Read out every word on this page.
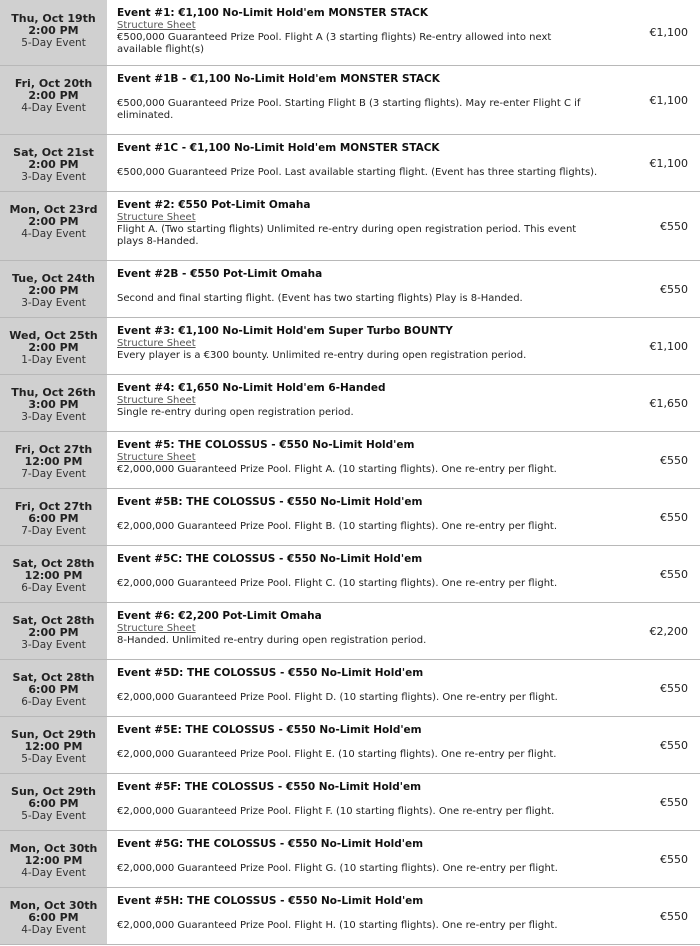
Thu, Oct 19th
2:00 PM
5-Day Event
Event #1: €1,100 No-Limit Hold'em MONSTER STACK
Structure Sheet
€500,000 Guaranteed Prize Pool. Flight A (3 starting flights) Re-entry allowed into next available flight(s)
€1,100
Fri, Oct 20th
2:00 PM
4-Day Event
Event #1B - €1,100 No-Limit Hold'em MONSTER STACK
€500,000 Guaranteed Prize Pool. Starting Flight B (3 starting flights). May re-enter Flight C if eliminated.
€1,100
Sat, Oct 21st
2:00 PM
3-Day Event
Event #1C - €1,100 No-Limit Hold'em MONSTER STACK
€500,000 Guaranteed Prize Pool. Last available starting flight. (Event has three starting flights).
€1,100
Mon, Oct 23rd
2:00 PM
4-Day Event
Event #2: €550 Pot-Limit Omaha
Structure Sheet
Flight A. (Two starting flights) Unlimited re-entry during open registration period. This event plays 8-Handed.
€550
Tue, Oct 24th
2:00 PM
3-Day Event
Event #2B - €550 Pot-Limit Omaha
Second and final starting flight. (Event has two starting flights) Play is 8-Handed.
€550
Wed, Oct 25th
2:00 PM
1-Day Event
Event #3: €1,100 No-Limit Hold'em Super Turbo BOUNTY
Structure Sheet
Every player is a €300 bounty. Unlimited re-entry during open registration period.
€1,100
Thu, Oct 26th
3:00 PM
3-Day Event
Event #4: €1,650 No-Limit Hold'em 6-Handed
Structure Sheet
Single re-entry during open registration period.
€1,650
Fri, Oct 27th
12:00 PM
7-Day Event
Event #5: THE COLOSSUS - €550 No-Limit Hold'em
Structure Sheet
€2,000,000 Guaranteed Prize Pool. Flight A. (10 starting flights). One re-entry per flight.
€550
Fri, Oct 27th
6:00 PM
7-Day Event
Event #5B: THE COLOSSUS - €550 No-Limit Hold'em
€2,000,000 Guaranteed Prize Pool. Flight B. (10 starting flights). One re-entry per flight.
€550
Sat, Oct 28th
12:00 PM
6-Day Event
Event #5C: THE COLOSSUS - €550 No-Limit Hold'em
€2,000,000 Guaranteed Prize Pool. Flight C. (10 starting flights). One re-entry per flight.
€550
Sat, Oct 28th
2:00 PM
3-Day Event
Event #6: €2,200 Pot-Limit Omaha
Structure Sheet
8-Handed. Unlimited re-entry during open registration period.
€2,200
Sat, Oct 28th
6:00 PM
6-Day Event
Event #5D: THE COLOSSUS - €550 No-Limit Hold'em
€2,000,000 Guaranteed Prize Pool. Flight D. (10 starting flights). One re-entry per flight.
€550
Sun, Oct 29th
12:00 PM
5-Day Event
Event #5E: THE COLOSSUS - €550 No-Limit Hold'em
€2,000,000 Guaranteed Prize Pool. Flight E. (10 starting flights). One re-entry per flight.
€550
Sun, Oct 29th
6:00 PM
5-Day Event
Event #5F: THE COLOSSUS - €550 No-Limit Hold'em
€2,000,000 Guaranteed Prize Pool. Flight F. (10 starting flights). One re-entry per flight.
€550
Mon, Oct 30th
12:00 PM
4-Day Event
Event #5G: THE COLOSSUS - €550 No-Limit Hold'em
€2,000,000 Guaranteed Prize Pool. Flight G. (10 starting flights). One re-entry per flight.
€550
Mon, Oct 30th
6:00 PM
4-Day Event
Event #5H: THE COLOSSUS - €550 No-Limit Hold'em
€2,000,000 Guaranteed Prize Pool. Flight H. (10 starting flights). One re-entry per flight.
€550
